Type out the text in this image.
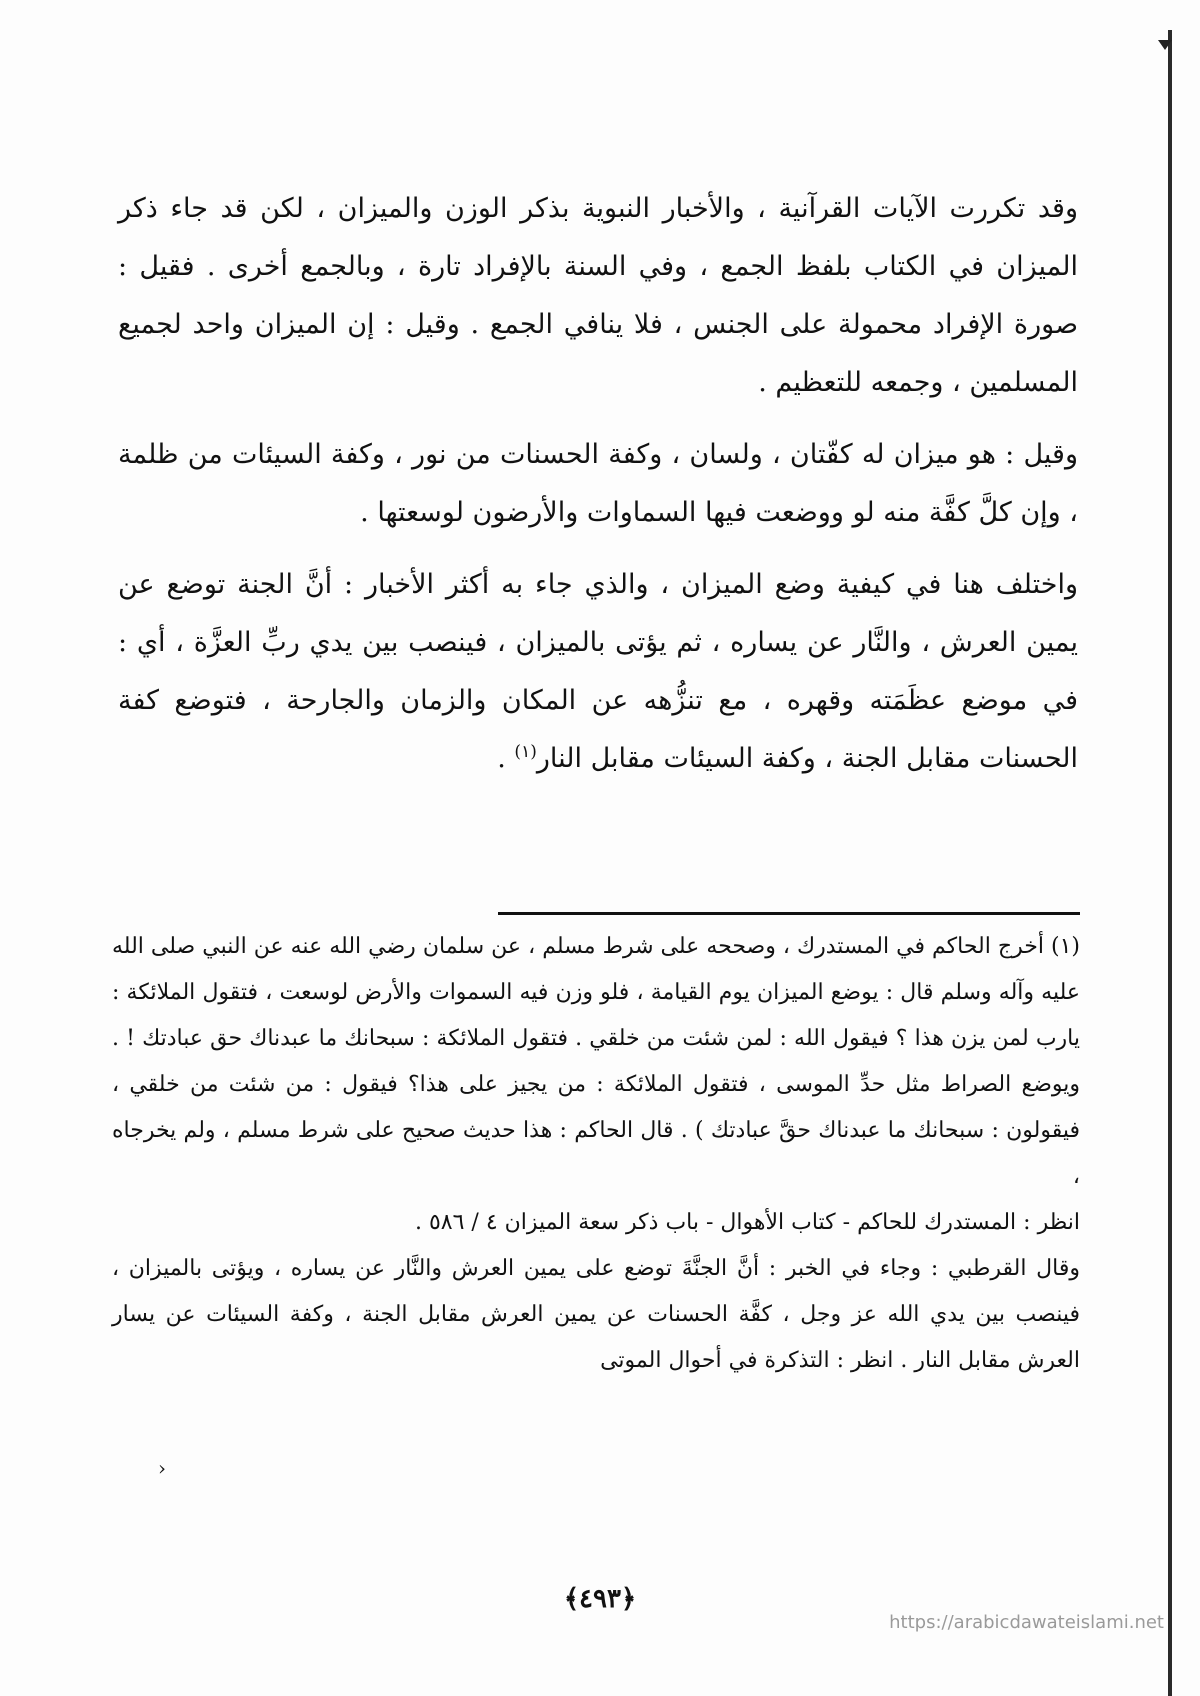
وقد تكررت الآيات القرآنية ، والأخبار النبوية بذكر الوزن والميزان ، لكن قد جاء ذكر الميزان في الكتاب بلفظ الجمع ، وفي السنة بالإفراد تارة ، وبالجمع أخرى . فقيل : صورة الإفراد محمولة على الجنس ، فلا ينافي الجمع . وقيل : إن الميزان واحد لجميع المسلمين ، وجمعه للتعظيم .

وقيل : هو ميزان له كفّتان ، ولسان ، وكفة الحسنات من نور ، وكفة السيئات من ظلمة ، وإن كلَّ كفَّة منه لو ووضعت فيها السماوات والأرضون لوسعتها .

واختلف هنا في كيفية وضع الميزان ، والذي جاء به أكثر الأخبار : أنَّ الجنة توضع عن يمين العرش ، والنَّار عن يساره ، ثم يؤتى بالميزان ، فينصب بين يدي ربِّ العزَّة ، أي : في موضع عظَمَته وقهره ، مع تنزُّهه عن المكان والزمان والجارحة ، فتوضع كفة الحسنات مقابل الجنة ، وكفة السيئات مقابل النار$^{(١)}$ .

(١) أخرج الحاكم في المستدرك ، وصححه على شرط مسلم ، عن سلمان رضي الله عنه عن النبي صلى الله عليه وآله وسلم قال : يوضع الميزان يوم القيامة ، فلو وزن فيه السموات والأرض لوسعت ، فتقول الملائكة : يارب لمن يزن هذا ؟ فيقول الله : لمن شئت من خلقي . فتقول الملائكة : سبحانك ما عبدناك حق عبادتك ! . ويوضع الصراط مثل حدِّ الموسى ، فتقول الملائكة : من يجيز على هذا؟ فيقول : من شئت من خلقي ، فيقولون : سبحانك ما عبدناك حقَّ عبادتك ) . قال الحاكم : هذا حديث صحيح على شرط مسلم ، ولم يخرجاه ،

انظر : المستدرك للحاكم - كتاب الأهوال - باب ذكر سعة الميزان ٤ / ٥٨٦ .

وقال القرطبي : وجاء في الخبر : أنَّ الجنَّةَ توضع على يمين العرش والنَّار عن يساره ، ويؤتى بالميزان ، فينصب بين يدي الله عز وجل ، كفَّة الحسنات عن يمين العرش مقابل الجنة ، وكفة السيئات عن يسار العرش مقابل النار . انظر : التذكرة في أحوال الموتى

›
﴿٤٩٣﴾
https://arabicdawateislami.net
